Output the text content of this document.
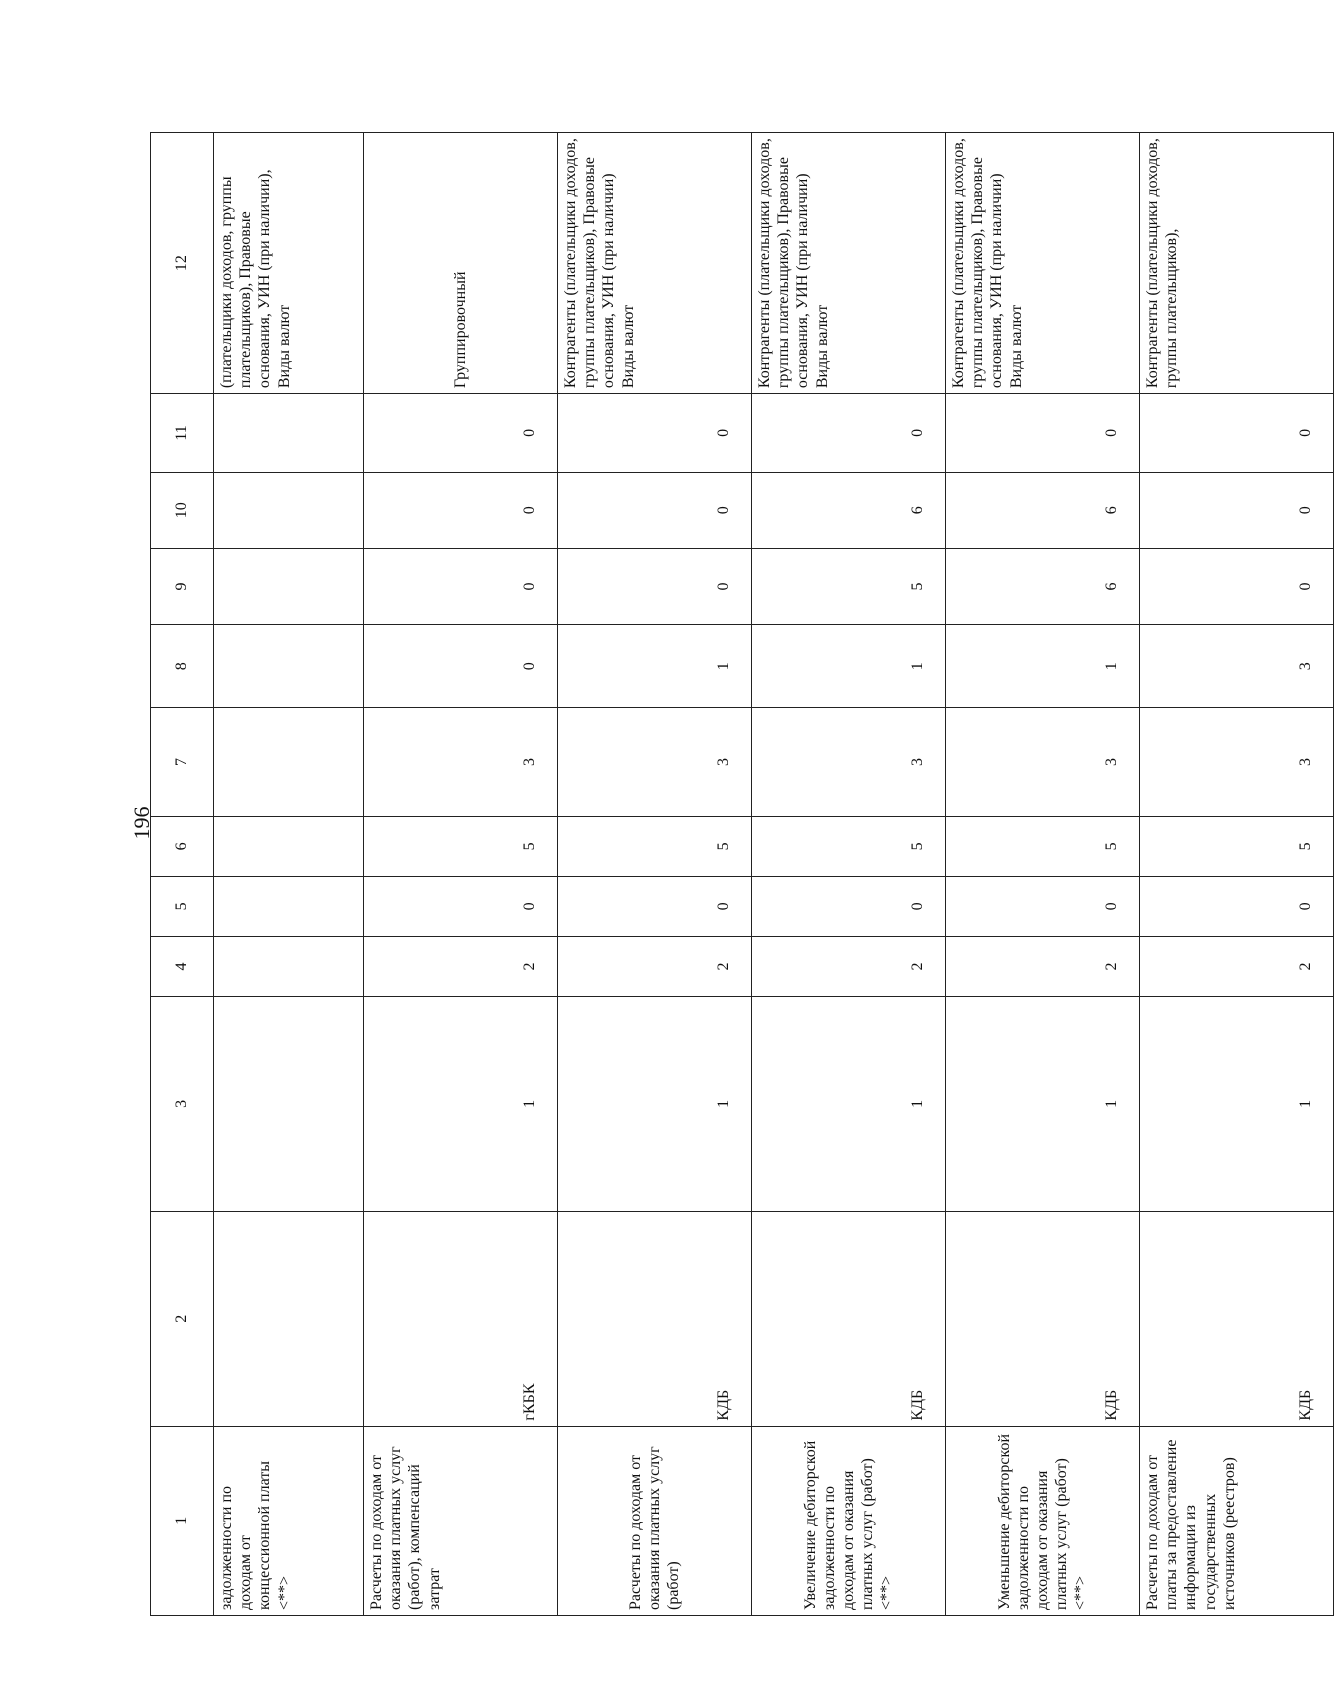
196
1	2	3	4	5	6	7	8	9	10	11	12
задолженности по доходам от концессионной платы <**>											(плательщики доходов, группы плательщиков), Правовые основания, УИН (при наличии), Виды валют
Расчеты по доходам от оказания платных услуг (работ), компенсаций затрат	гКБК	1	2	0	5	3	0	0	0	0	Группировочный
Расчеты по доходам от оказания платных услуг (работ)	КДБ	1	2	0	5	3	1	0	0	0	Контрагенты (плательщики доходов, группы плательщиков), Правовые основания, УИН (при наличии) Виды валют
Увеличение дебиторской задолженности по доходам от оказания платных услуг (работ) <**>	КДБ	1	2	0	5	3	1	5	6	0	Контрагенты (плательщики доходов, группы плательщиков), Правовые основания, УИН (при наличии) Виды валют
Уменьшение дебиторской задолженности по доходам от оказания платных услуг (работ) <**>	КДБ	1	2	0	5	3	1	6	6	0	Контрагенты (плательщики доходов, группы плательщиков), Правовые основания, УИН (при наличии) Виды валют
Расчеты по доходам от платы за предоставление информации из государственных источников (реестров)	КДБ	1	2	0	5	3	3	0	0	0	Контрагенты (плательщики доходов, группы плательщиков),
